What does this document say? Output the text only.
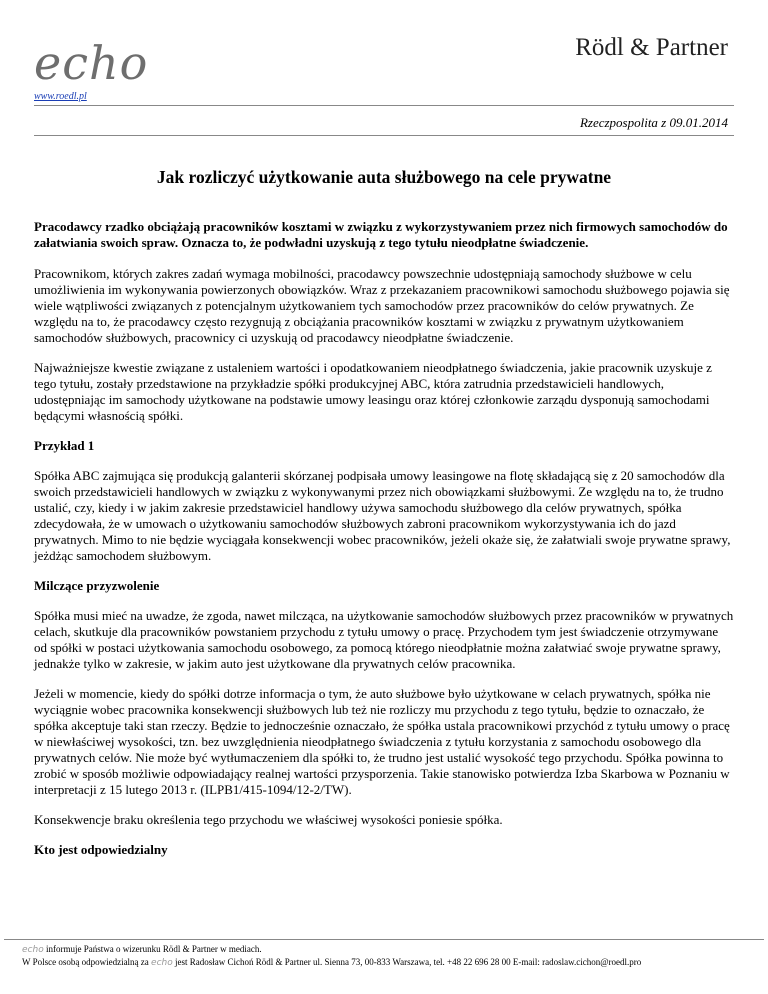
echo	Rödl & Partner
www.roedl.pl
Rzeczpospolita z 09.01.2014
Jak rozliczyć użytkowanie auta służbowego na cele prywatne

Pracodawcy rzadko obciążają pracowników kosztami w związku z wykorzystywaniem przez nich firmowych samochodów do załatwiania swoich spraw. Oznacza to, że podwładni uzyskują z tego tytułu nieodpłatne świadczenie.

Pracownikom, których zakres zadań wymaga mobilności, pracodawcy powszechnie udostępniają samochody służbowe w celu umożliwienia im wykonywania powierzonych obowiązków. Wraz z przekazaniem pracownikowi samochodu służbowego pojawia się wiele wątpliwości związanych z potencjalnym użytkowaniem tych samochodów przez pracowników do celów prywatnych. Ze względu na to, że pracodawcy często rezygnują z obciążania pracowników kosztami w związku z prywatnym użytkowaniem samochodów służbowych, pracownicy ci uzyskują od pracodawcy nieodpłatne świadczenie.

Najważniejsze kwestie związane z ustaleniem wartości i opodatkowaniem nieodpłatnego świadczenia, jakie pracownik uzyskuje z tego tytułu, zostały przedstawione na przykładzie spółki produkcyjnej ABC, która zatrudnia przedstawicieli handlowych, udostępniając im samochody użytkowane na podstawie umowy leasingu oraz której członkowie zarządu dysponują samochodami będącymi własnością spółki.

Przykład 1

Spółka ABC zajmująca się produkcją galanterii skórzanej podpisała umowy leasingowe na flotę składającą się z 20 samochodów dla swoich przedstawicieli handlowych w związku z wykonywanymi przez nich obowiązkami służbowymi. Ze względu na to, że trudno ustalić, czy, kiedy i w jakim zakresie przedstawiciel handlowy używa samochodu służbowego dla celów prywatnych, spółka zdecydowała, że w umowach o użytkowaniu samochodów służbowych zabroni pracownikom wykorzystywania ich do jazd prywatnych. Mimo to nie będzie wyciągała konsekwencji wobec pracowników, jeżeli okaże się, że załatwiali swoje prywatne sprawy, jeżdżąc samochodem służbowym.

Milczące przyzwolenie

Spółka musi mieć na uwadze, że zgoda, nawet milcząca, na użytkowanie samochodów służbowych przez pracowników w prywatnych celach, skutkuje dla pracowników powstaniem przychodu z tytułu umowy o pracę. Przychodem tym jest świadczenie otrzymywane od spółki w postaci użytkowania samochodu osobowego, za pomocą którego nieodpłatnie można załatwiać swoje prywatne sprawy, jednakże tylko w zakresie, w jakim auto jest użytkowane dla prywatnych celów pracownika.

Jeżeli w momencie, kiedy do spółki dotrze informacja o tym, że auto służbowe było użytkowane w celach prywatnych, spółka nie wyciągnie wobec pracownika konsekwencji służbowych lub też nie rozliczy mu przychodu z tego tytułu, będzie to oznaczało, że spółka akceptuje taki stan rzeczy. Będzie to jednocześnie oznaczało, że spółka ustala pracownikowi przychód z tytułu umowy o pracę w niewłaściwej wysokości, tzn. bez uwzględnienia nieodpłatnego świadczenia z tytułu korzystania z samochodu osobowego dla prywatnych celów. Nie może być wytłumaczeniem dla spółki to, że trudno jest ustalić wysokość tego przychodu. Spółka powinna to zrobić w sposób możliwie odpowiadający realnej wartości przysporzenia. Takie stanowisko potwierdza Izba Skarbowa w Poznaniu w interpretacji z 15 lutego 2013 r. (ILPB1/415-1094/12-2/TW).

Konsekwencje braku określenia tego przychodu we właściwej wysokości poniesie spółka.

Kto jest odpowiedzialny
echo informuje Państwa o wizerunku Rödl & Partner w mediach.
W Polsce osobą odpowiedzialną za echo jest Radosław Cichoń Rödl & Partner ul. Sienna 73, 00-833 Warszawa, tel. +48 22 696 28 00 E-mail: radoslaw.cichon@roedl.pro
